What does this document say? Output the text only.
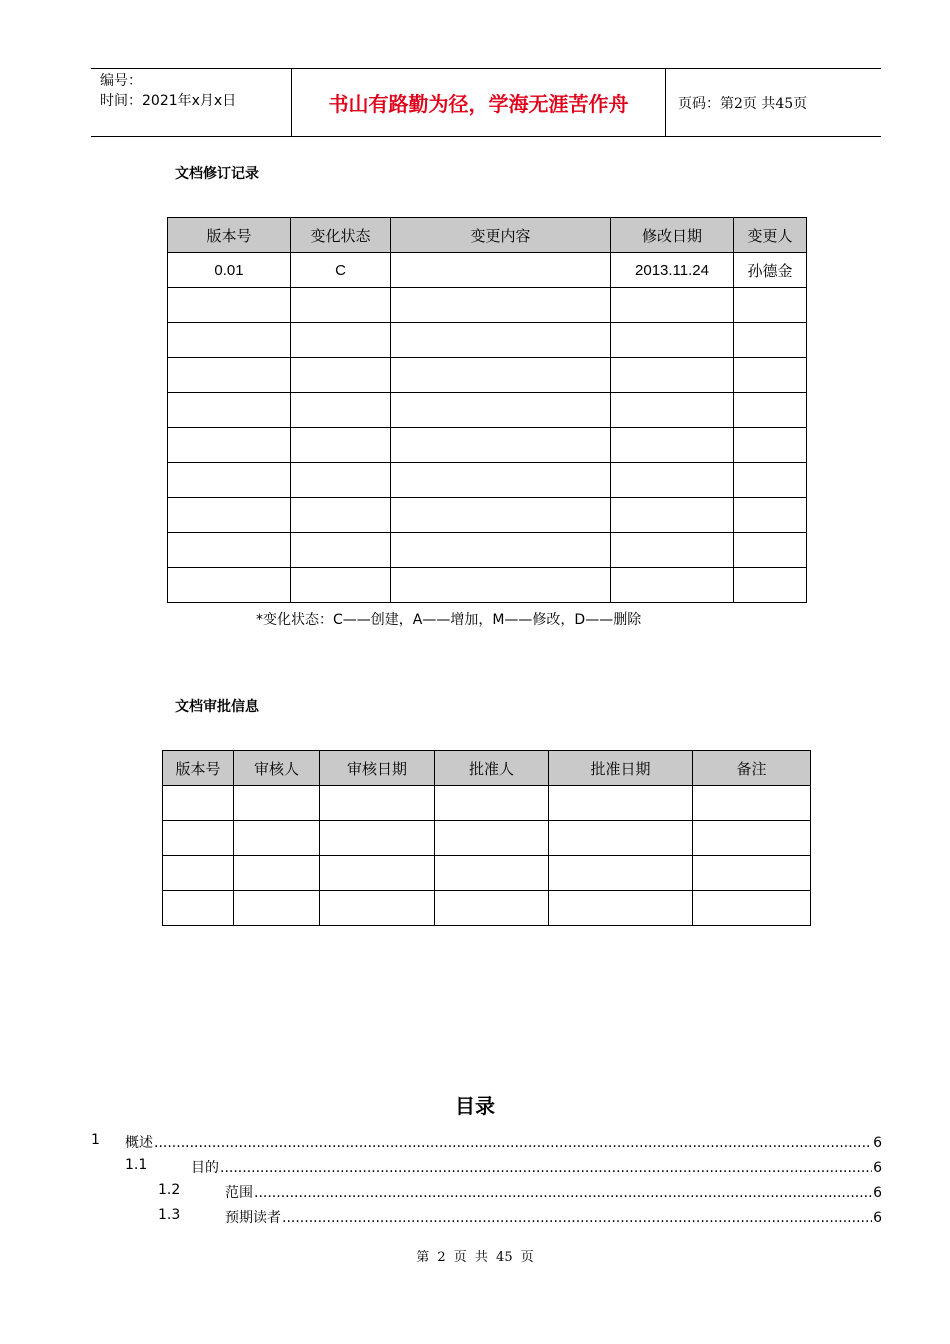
编号：
时间：2021年x月x日	书山有路勤为径，学海无涯苦作舟	页码：第2页 共45页
文档修订记录
版本号	变化状态	变更内容	修改日期	变更人
0.01	C		2013.11.24	孙德金

*变化状态：C——创建，A——增加，M——修改，D——删除
文档审批信息
版本号	审核人	审核日期	批准人	批准日期	备注

目录
1 概述 .....	6
1.1	目的 .....	6
1.2	范围 .....	6
1.3	预期读者 .....	6
第 2 页 共 45 页
